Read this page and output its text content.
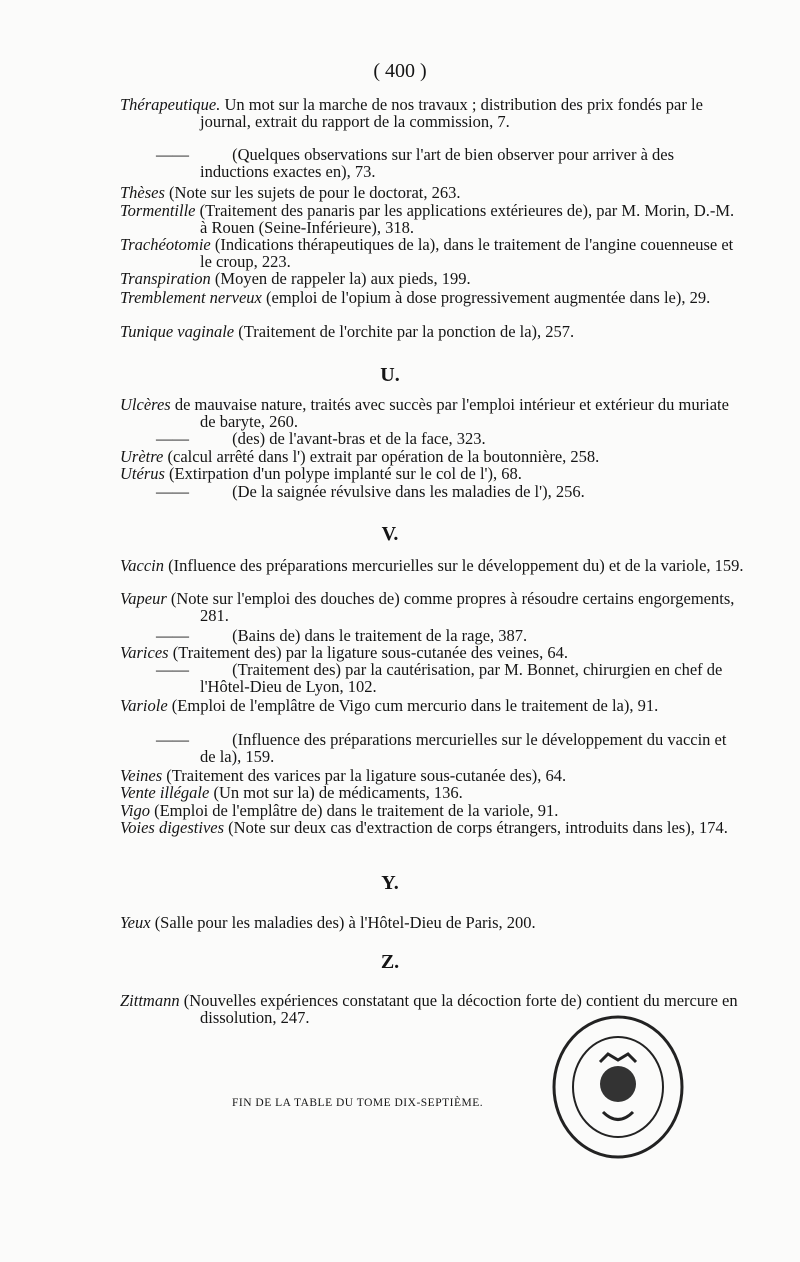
( 400 )
Thérapeutique. Un mot sur la marche de nos travaux ; distribution des prix fondés par le journal, extrait du rapport de la commission, 7.
—— (Quelques observations sur l'art de bien observer pour arriver à des inductions exactes en), 73.
Thèses (Note sur les sujets de pour le doctorat, 263.
Tormentille (Traitement des panaris par les applications extérieures de), par M. Morin, D.-M. à Rouen (Seine-Inférieure), 318.
Trachéotomie (Indications thérapeutiques de la), dans le traitement de l'angine couenneuse et le croup, 223.
Transpiration (Moyen de rappeler la) aux pieds, 199.
Tremblement nerveux (emploi de l'opium à dose progressivement augmentée dans le), 29.
Tunique vaginale (Traitement de l'orchite par la ponction de la), 257.
Ulcères de mauvaise nature, traités avec succès par l'emploi intérieur et extérieur du muriate de baryte, 260.
—— (des) de l'avant-bras et de la face, 323.
Urètre (calcul arrêté dans l') extrait par opération de la boutonnière, 258.
Utérus (Extirpation d'un polype implanté sur le col de l'), 68.
—— (De la saignée révulsive dans les maladies de l'), 256.
Vaccin (Influence des préparations mercurielles sur le développement du) et de la variole, 159.
Vapeur (Note sur l'emploi des douches de) comme propres à résoudre certains engorgements, 281.
—— (Bains de) dans le traitement de la rage, 387.
Varices (Traitement des) par la ligature sous-cutanée des veines, 64.
—— (Traitement des) par la cautérisation, par M. Bonnet, chirurgien en chef de l'Hôtel-Dieu de Lyon, 102.
Variole (Emploi de l'emplâtre de Vigo cum mercurio dans le traitement de la), 91.
—— (Influence des préparations mercurielles sur le développement du vaccin et de la), 159.
Veines (Traitement des varices par la ligature sous-cutanée des), 64.
Vente illégale (Un mot sur la) de médicaments, 136.
Vigo (Emploi de l'emplâtre de) dans le traitement de la variole, 91.
Voies digestives (Note sur deux cas d'extraction de corps étrangers, introduits dans les), 174.
Yeux (Salle pour les maladies des) à l'Hôtel-Dieu de Paris, 200.
Zittmann (Nouvelles expériences constatant que la décoction forte de) contient du mercure en dissolution, 247.
U.
V.
Y.
Z.
FIN DE LA TABLE DU TOME DIX-SEPTIÈME.
